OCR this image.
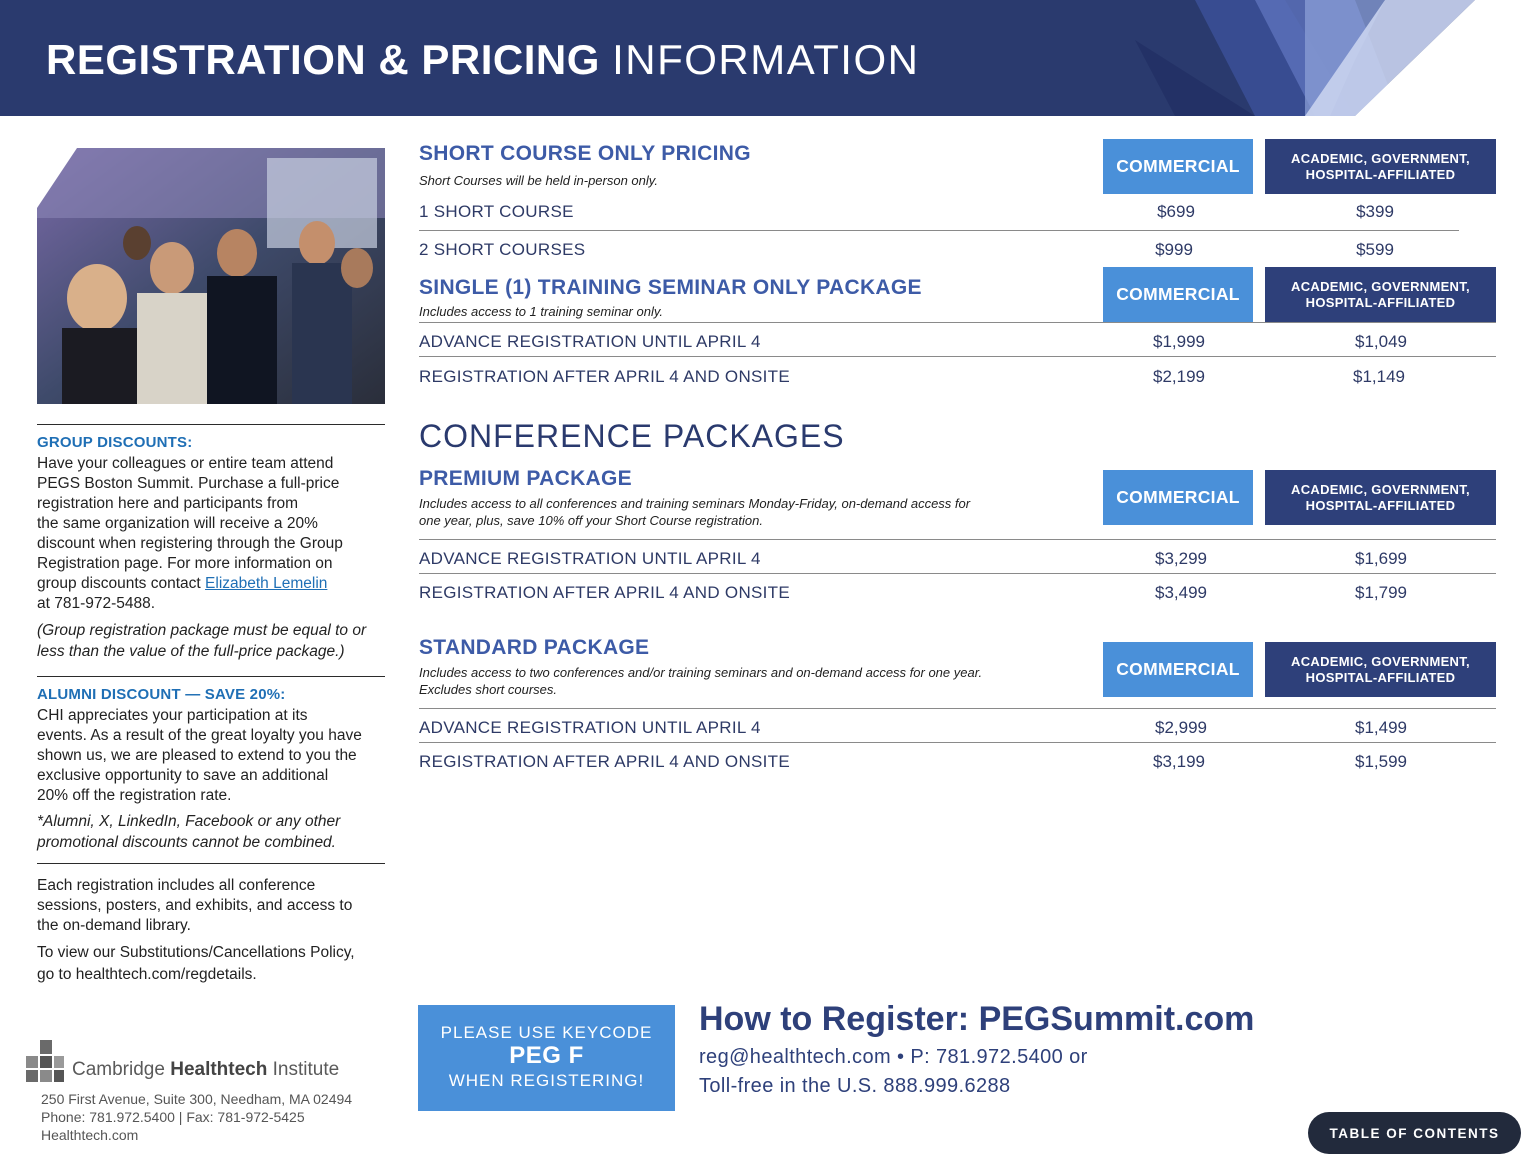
REGISTRATION & PRICING INFORMATION
GROUP DISCOUNTS:
Have your colleagues or entire team attend
PEGS Boston Summit. Purchase a full-price
registration here and participants from
the same organization will receive a 20%
discount when registering through the Group
Registration page. For more information on
group discounts contact Elizabeth Lemelin
at 781-972-5488.
(Group registration package must be equal to or
less than the value of the full-price package.)
ALUMNI DISCOUNT — SAVE 20%:
CHI appreciates your participation at its
events. As a result of the great loyalty you have
shown us, we are pleased to extend to you the
exclusive opportunity to save an additional
20% off the registration rate.
*Alumni, X, LinkedIn, Facebook or any other
promotional discounts cannot be combined.
Each registration includes all conference
sessions, posters, and exhibits, and access to
the on-demand library.
To view our Substitutions/Cancellations Policy,
go to healthtech.com/regdetails.
Cambridge Healthtech Institute
250 First Avenue, Suite 300, Needham, MA 02494
Phone: 781.972.5400 | Fax: 781-972-5425
Healthtech.com
SHORT COURSE ONLY PRICING
Short Courses will be held in-person only.
COMMERCIAL	ACADEMIC, GOVERNMENT,
HOSPITAL-AFFILIATED
1 SHORT COURSE	$699	$399
2 SHORT COURSES	$999	$599
SINGLE (1) TRAINING SEMINAR ONLY PACKAGE
Includes access to 1 training seminar only.
COMMERCIAL	ACADEMIC, GOVERNMENT,
HOSPITAL-AFFILIATED
ADVANCE REGISTRATION UNTIL APRIL 4	$1,999	$1,049
REGISTRATION AFTER APRIL 4 AND ONSITE	$2,199	$1,149
CONFERENCE PACKAGES
PREMIUM PACKAGE
Includes access to all conferences and training seminars Monday-Friday, on-demand access for
one year, plus, save 10% off your Short Course registration.
COMMERCIAL	ACADEMIC, GOVERNMENT,
HOSPITAL-AFFILIATED
ADVANCE REGISTRATION UNTIL APRIL 4	$3,299	$1,699
REGISTRATION AFTER APRIL 4 AND ONSITE	$3,499	$1,799
STANDARD PACKAGE
Includes access to two conferences and/or training seminars and on-demand access for one year.
Excludes short courses.
COMMERCIAL	ACADEMIC, GOVERNMENT,
HOSPITAL-AFFILIATED
ADVANCE REGISTRATION UNTIL APRIL 4	$2,999	$1,499
REGISTRATION AFTER APRIL 4 AND ONSITE	$3,199	$1,599
PLEASE USE KEYCODE
PEG F
WHEN REGISTERING!
How to Register: PEGSummit.com
reg@healthtech.com • P: 781.972.5400 or
Toll-free in the U.S. 888.999.6288
TABLE OF CONTENTS
